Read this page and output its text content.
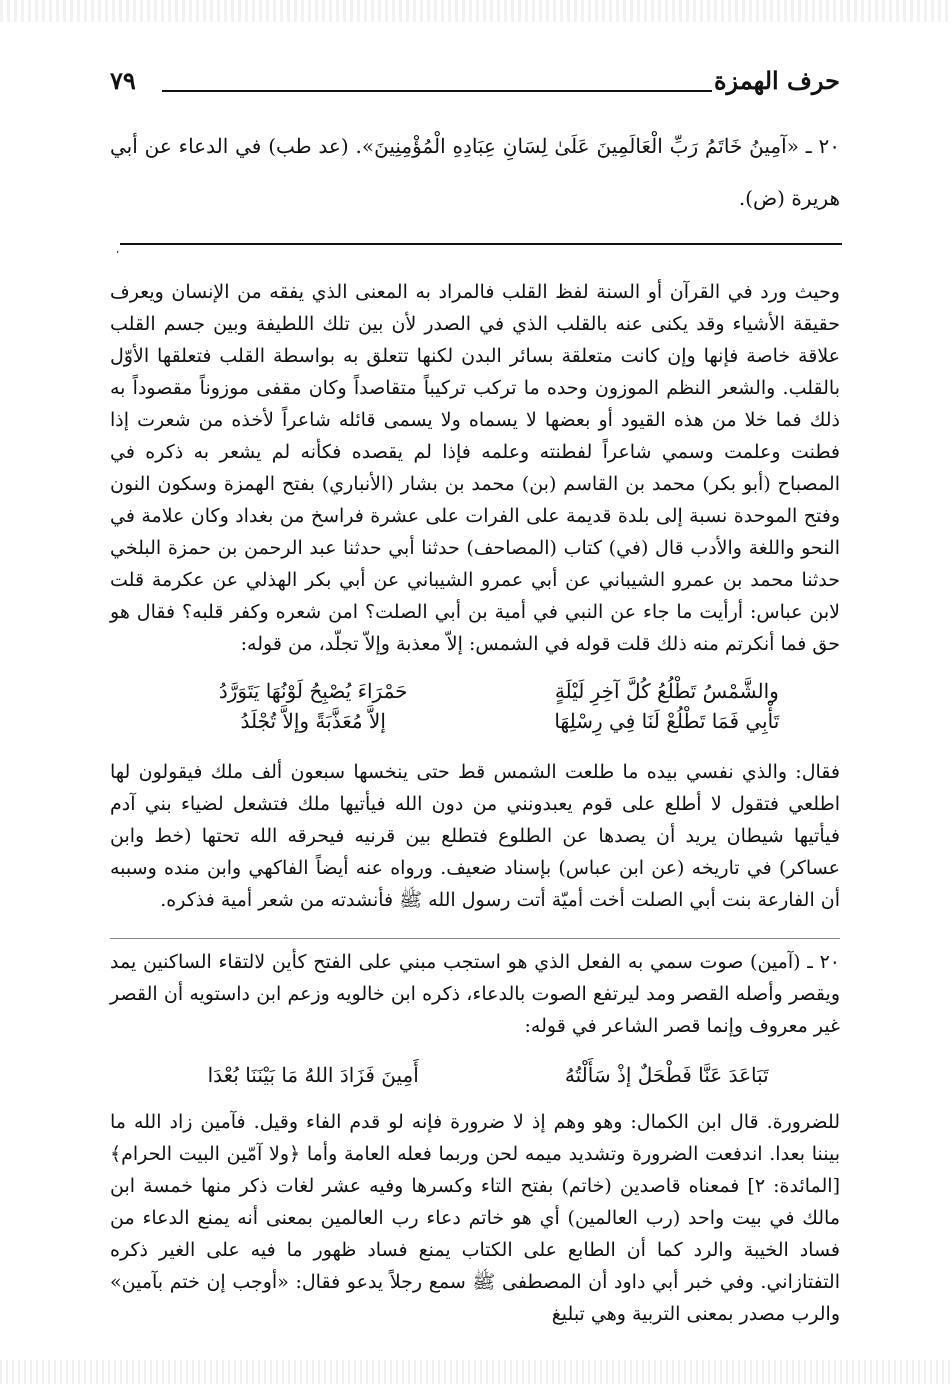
حرف الهمزة
٧٩

٢٠ ـ «آمِينُ خَاتَمُ رَبِّ الْعَالَمِينَ عَلَىٰ لِسَانِ عِبَادِهِ الْمُؤْمِنِينَ». (عد طب) في الدعاء عن أبي هريرة (ض).

،

وحيث ورد في القرآن أو السنة لفظ القلب فالمراد به المعنى الذي يفقه من الإنسان ويعرف حقيقة الأشياء وقد يكنى عنه بالقلب الذي في الصدر لأن بين تلك اللطيفة وبين جسم القلب علاقة خاصة فإنها وإن كانت متعلقة بسائر البدن لكنها تتعلق به بواسطة القلب فتعلقها الأوّل بالقلب. والشعر النظم الموزون وحده ما تركب تركيباً متقاصداً وكان مقفى موزوناً مقصوداً به ذلك فما خلا من هذه القيود أو بعضها لا يسماه ولا يسمى قائله شاعراً لأخذه من شعرت إذا فطنت وعلمت وسمي شاعراً لفطنته وعلمه فإذا لم يقصده فكأنه لم يشعر به ذكره في المصباح (أبو بكر) محمد بن القاسم (بن) محمد بن بشار (الأنباري) بفتح الهمزة وسكون النون وفتح الموحدة نسبة إلى بلدة قديمة على الفرات على عشرة فراسخ من بغداد وكان علامة في النحو واللغة والأدب قال (في) كتاب (المصاحف) حدثنا أبي حدثنا عبد الرحمن بن حمزة البلخي حدثنا محمد بن عمرو الشيباني عن أبي عمرو الشيباني عن أبي بكر الهذلي عن عكرمة قلت لابن عباس: أرأيت ما جاء عن النبي في أمية بن أبي الصلت؟ امن شعره وكفر قلبه؟ فقال هو حق فما أنكرتم منه ذلك قلت قوله في الشمس: إلاّ معذبة وإلاّ تجلّد، من قوله:

والشَّمْسُ تَطْلُعُ كُلَّ آخِرِ لَيْلَةٍ
حَمْرَاءَ يُصْبِحُ لَوْنُهَا يَتَوَرَّدُ
تَأْبِي فَمَا تَطْلُعْ لَنَا فِي رِسْلِهَا
إلاَّ مُعَذَّبَةً وإلاَّ تُجْلَدُ

فقال: والذي نفسي بيده ما طلعت الشمس قط حتى ينخسها سبعون ألف ملك فيقولون لها اطلعي فتقول لا أطلع على قوم يعبدونني من دون الله فيأتيها ملك فتشعل لضياء بني آدم فيأتيها شيطان يريد أن يصدها عن الطلوع فتطلع بين قرنيه فيحرقه الله تحتها (خط وابن عساكر) في تاريخه (عن ابن عباس) بإسناد ضعيف. ورواه عنه أيضاً الفاكهي وابن منده وسببه أن الفارعة بنت أبي الصلت أخت أميّة أتت رسول الله ﷺ فأنشدته من شعر أمية فذكره.

٢٠ ـ (آمين) صوت سمي به الفعل الذي هو استجب مبني على الفتح كأين لالتقاء الساكنين يمد ويقصر وأصله القصر ومد ليرتفع الصوت بالدعاء، ذكره ابن خالويه وزعم ابن داستويه أن القصر غير معروف وإنما قصر الشاعر في قوله:

تَبَاعَدَ عَنَّا فَطْحَلٌ إذْ سَأَلْتُهُ
أَمِينَ فَزَادَ اللهُ مَا بَيْنَنَا بُعْدَا

للضرورة. قال ابن الكمال: وهو وهم إذ لا ضرورة فإنه لو قدم الفاء وقيل. فآمين زاد الله ما بيننا بعدا. اندفعت الضرورة وتشديد ميمه لحن وربما فعله العامة وأما ﴿ولا آمّين البيت الحرام﴾ [المائدة: ٢] فمعناه قاصدين (خاتم) بفتح التاء وكسرها وفيه عشر لغات ذكر منها خمسة ابن مالك في بيت واحد (رب العالمين) أي هو خاتم دعاء رب العالمين بمعنى أنه يمنع الدعاء من فساد الخيبة والرد كما أن الطابع على الكتاب يمنع فساد ظهور ما فيه على الغير ذكره التفتازاني. وفي خبر أبي داود أن المصطفى ﷺ سمع رجلاً يدعو فقال: «أوجب إن ختم بآمين» والرب مصدر بمعنى التربية وهي تبليغ
